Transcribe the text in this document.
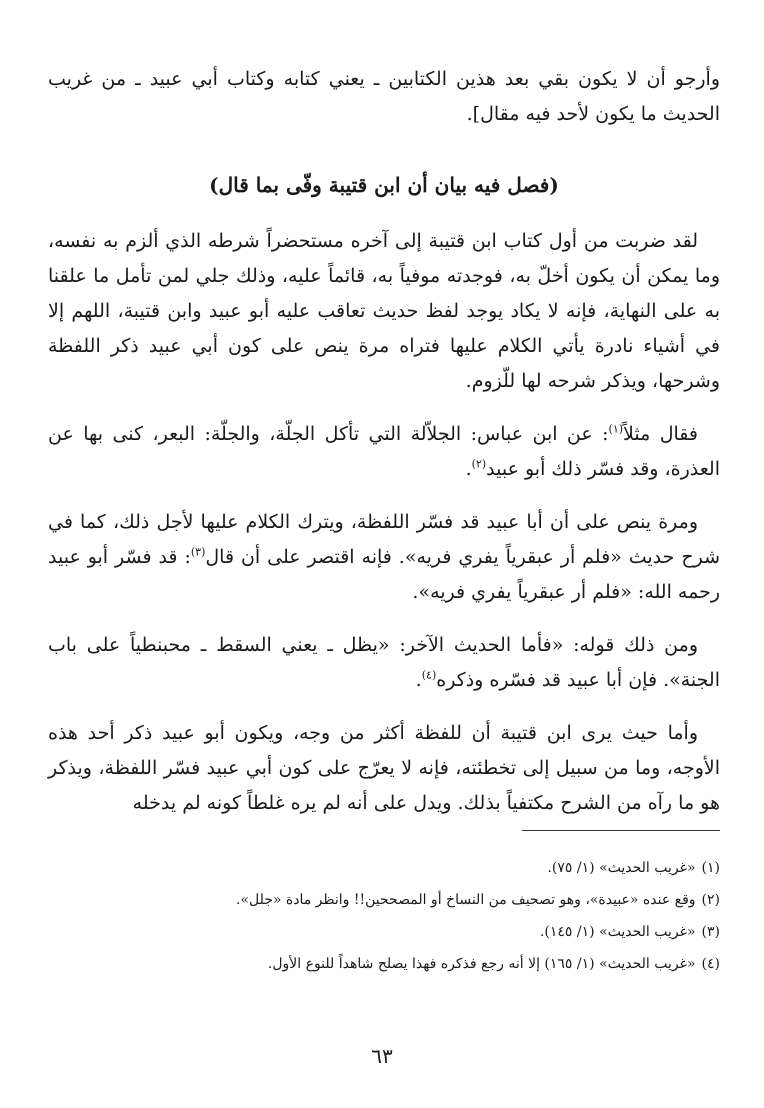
وأرجو أن لا يكون بقي بعد هذين الكتابين ـ يعني كتابه وكتاب أبي عبيد ـ من غريب الحديث ما يكون لأحد فيه مقال].

(فصل فيه بيان أن ابن قتيبة وفّى بما قال)

لقد ضربت من أول كتاب ابن قتيبة إلى آخره مستحضراً شرطه الذي ألزم به نفسه، وما يمكن أن يكون أخلّ به، فوجدته موفياً به، قائماً عليه، وذلك جلي لمن تأمل ما علقنا به على النهاية، فإنه لا يكاد يوجد لفظ حديث تعاقب عليه أبو عبيد وابن قتيبة، اللهم إلا في أشياء نادرة يأتي الكلام عليها فتراه مرة ينص على كون أبي عبيد ذكر اللفظة وشرحها، ويذكر شرحه لها للّزوم.

فقال مثلاً$^{(١)}$: عن ابن عباس: الجلاّلة التي تأكل الجلّة، والجلّة: البعر، كنى بها عن العذرة، وقد فسّر ذلك أبو عبيد$^{(٢)}$.

ومرة ينص على أن أبا عبيد قد فسّر اللفظة، ويترك الكلام عليها لأجل ذلك، كما في شرح حديث «فلم أر عبقرياً يفري فريه». فإنه اقتصر على أن قال$^{(٣)}$: قد فسّر أبو عبيد رحمه الله: «فلم أر عبقرياً يفري فريه».

ومن ذلك قوله: «فأما الحديث الآخر: «يظل ـ يعني السقط ـ محبنطياً على باب الجنة». فإن أبا عبيد قد فسّره وذكره$^{(٤)}$.

وأما حيث يرى ابن قتيبة أن للفظة أكثر من وجه، ويكون أبو عبيد ذكر أحد هذه الأوجه، وما من سبيل إلى تخطئته، فإنه لا يعرّج على كون أبي عبيد فسّر اللفظة، ويذكر هو ما رآه من الشرح مكتفياً بذلك. ويدل على أنه لم يره غلطاً كونه لم يدخله

(١)
«غريب الحديث» (١/ ٧٥).
(٢)
وقع عنده «عبيدة»، وهو تصحيف من النساخ أو المصححين!! وانظر مادة «جلل».
(٣)
«غريب الحديث» (١/ ١٤٥).
(٤)
«غريب الحديث» (١/ ١٦٥) إلا أنه رجع فذكره فهذا يصلح شاهداً للنوع الأول.
٦٣
